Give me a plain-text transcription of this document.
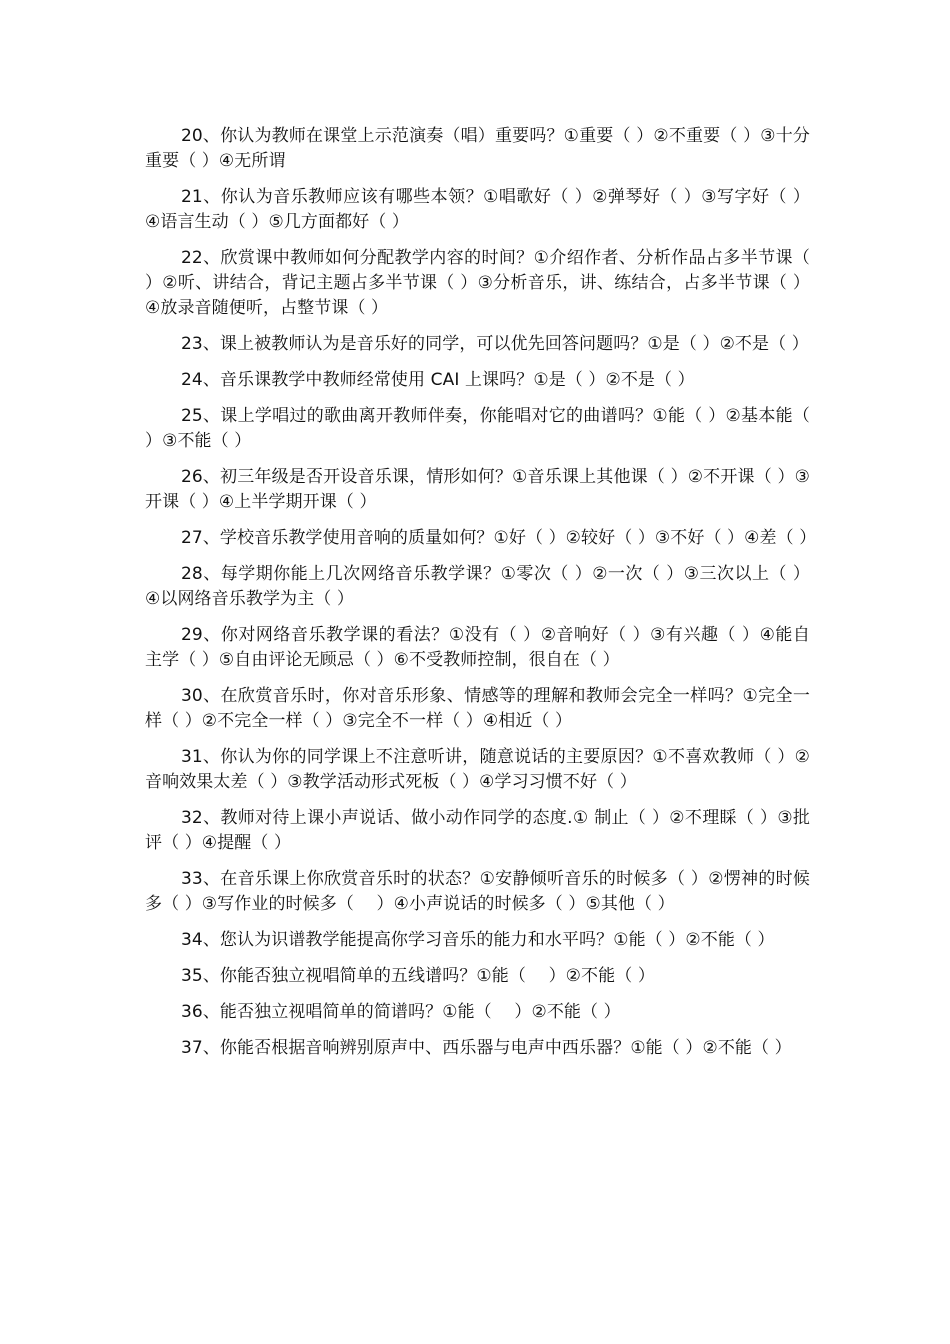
20、你认为教师在课堂上示范演奏（唱）重要吗？①重要（ ）②不重要（ ）③十分重要（ ）④无所谓

21、你认为音乐教师应该有哪些本领？①唱歌好（ ）②弹琴好（ ）③写字好（ ）④语言生动（ ）⑤几方面都好（ ）

22、欣赏课中教师如何分配教学内容的时间？①介绍作者、分析作品占多半节课（ ）②听、讲结合，背记主题占多半节课（ ）③分析音乐，讲、练结合，占多半节课（ ）④放录音随便听，占整节课（ ）

23、课上被教师认为是音乐好的同学，可以优先回答问题吗？①是（ ）②不是（ ）

24、音乐课教学中教师经常使用 CAI 上课吗？①是（ ）②不是（ ）

25、课上学唱过的歌曲离开教师伴奏，你能唱对它的曲谱吗？①能（ ）②基本能（ ）③不能（ ）

26、初三年级是否开设音乐课，情形如何？①音乐课上其他课（ ）②不开课（ ）③开课（ ）④上半学期开课（ ）

27、学校音乐教学使用音响的质量如何？①好（ ）②较好（ ）③不好（ ）④差（ ）

28、每学期你能上几次网络音乐教学课？①零次（ ）②一次（ ）③三次以上（ ）④以网络音乐教学为主（ ）

29、你对网络音乐教学课的看法？①没有（ ）②音响好（ ）③有兴趣（ ）④能自主学（ ）⑤自由评论无顾忌（ ）⑥不受教师控制，很自在（ ）

30、在欣赏音乐时，你对音乐形象、情感等的理解和教师会完全一样吗？①完全一样（ ）②不完全一样（ ）③完全不一样（ ）④相近（ ）

31、你认为你的同学课上不注意听讲，随意说话的主要原因？①不喜欢教师（ ）②音响效果太差（ ）③教学活动形式死板（ ）④学习习惯不好（ ）

32、教师对待上课小声说话、做小动作同学的态度.① 制止（ ）②不理睬（ ）③批评（ ）④提醒（ ）

33、在音乐课上你欣赏音乐时的状态？①安静倾听音乐的时候多（ ）②愣神的时候多（ ）③写作业的时候多（　 ）④小声说话的时候多（ ）⑤其他（ ）

34、您认为识谱教学能提高你学习音乐的能力和水平吗？①能（ ）②不能（ ）

35、你能否独立视唱简单的五线谱吗？①能（　 ）②不能（ ）

36、能否独立视唱简单的简谱吗？①能（　 ）②不能（ ）

37、你能否根据音响辨别原声中、西乐器与电声中西乐器？①能（ ）②不能（ ）
